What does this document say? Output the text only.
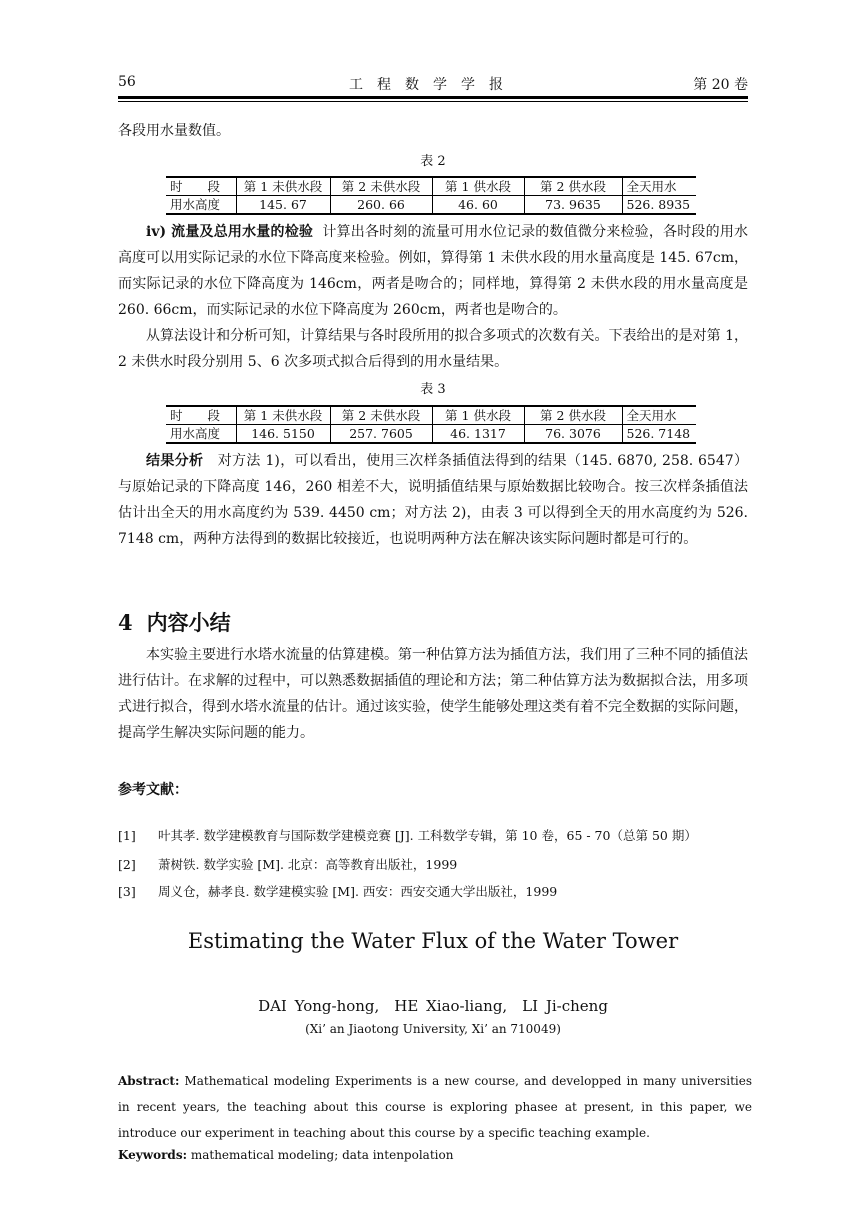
56	工程数学学报	第 20 卷
各段用水量数值。
表 2
时　　段	第 1 未供水段	第 2 未供水段	第 1 供水段	第 2 供水段	全天用水
用水高度	145. 67	260. 66	46. 60	73. 9635	526. 8935
iv) 流量及总用水量的检验 计算出各时刻的流量可用水位记录的数值微分来检验，各时段的用水高度可以用实际记录的水位下降高度来检验。例如，算得第 1 未供水段的用水量高度是 145. 67cm，而实际记录的水位下降高度为 146cm，两者是吻合的；同样地，算得第 2 未供水段的用水量高度是 260. 66cm，而实际记录的水位下降高度为 260cm，两者也是吻合的。
从算法设计和分析可知，计算结果与各时段所用的拟合多项式的次数有关。下表给出的是对第 1，2 未供水时段分别用 5、6 次多项式拟合后得到的用水量结果。
表 3
时　　段	第 1 未供水段	第 2 未供水段	第 1 供水段	第 2 供水段	全天用水
用水高度	146. 5150	257. 7605	46. 1317	76. 3076	526. 7148
结果分析 对方法 1)，可以看出，使用三次样条插值法得到的结果（145. 6870, 258. 6547）与原始记录的下降高度 146，260 相差不大，说明插值结果与原始数据比较吻合。按三次样条插值法估计出全天的用水高度约为 539. 4450 cm；对方法 2)，由表 3 可以得到全天的用水高度约为 526. 7148 cm，两种方法得到的数据比较接近，也说明两种方法在解决该实际问题时都是可行的。
4 内容小结
本实验主要进行水塔水流量的估算建模。第一种估算方法为插值方法，我们用了三种不同的插值法进行估计。在求解的过程中，可以熟悉数据插值的理论和方法；第二种估算方法为数据拟合法，用多项式进行拟合，得到水塔水流量的估计。通过该实验，使学生能够处理这类有着不完全数据的实际问题，提高学生解决实际问题的能力。
参考文献：
[1] 叶其孝. 数学建模教育与国际数学建模竞赛 [J]. 工科数学专辑，第 10 卷，65 - 70（总第 50 期）
[2] 萧树铁. 数学实验 [M]. 北京：高等教育出版社，1999
[3] 周义仓，赫孝良. 数学建模实验 [M]. 西安：西安交通大学出版社，1999
Estimating the Water Flux of the Water Tower
DAI Yong-hong,　HE Xiao-liang,　LI Ji-cheng
(Xi’ an Jiaotong University, Xi’ an 710049)
Abstract: Mathematical modeling Experiments is a new course, and developped in many universities in recent years, the teaching about this course is exploring phasee at present, in this paper, we introduce our experiment in teaching about this course by a specific teaching example.
Keywords: mathematical modeling; data intenpolation
